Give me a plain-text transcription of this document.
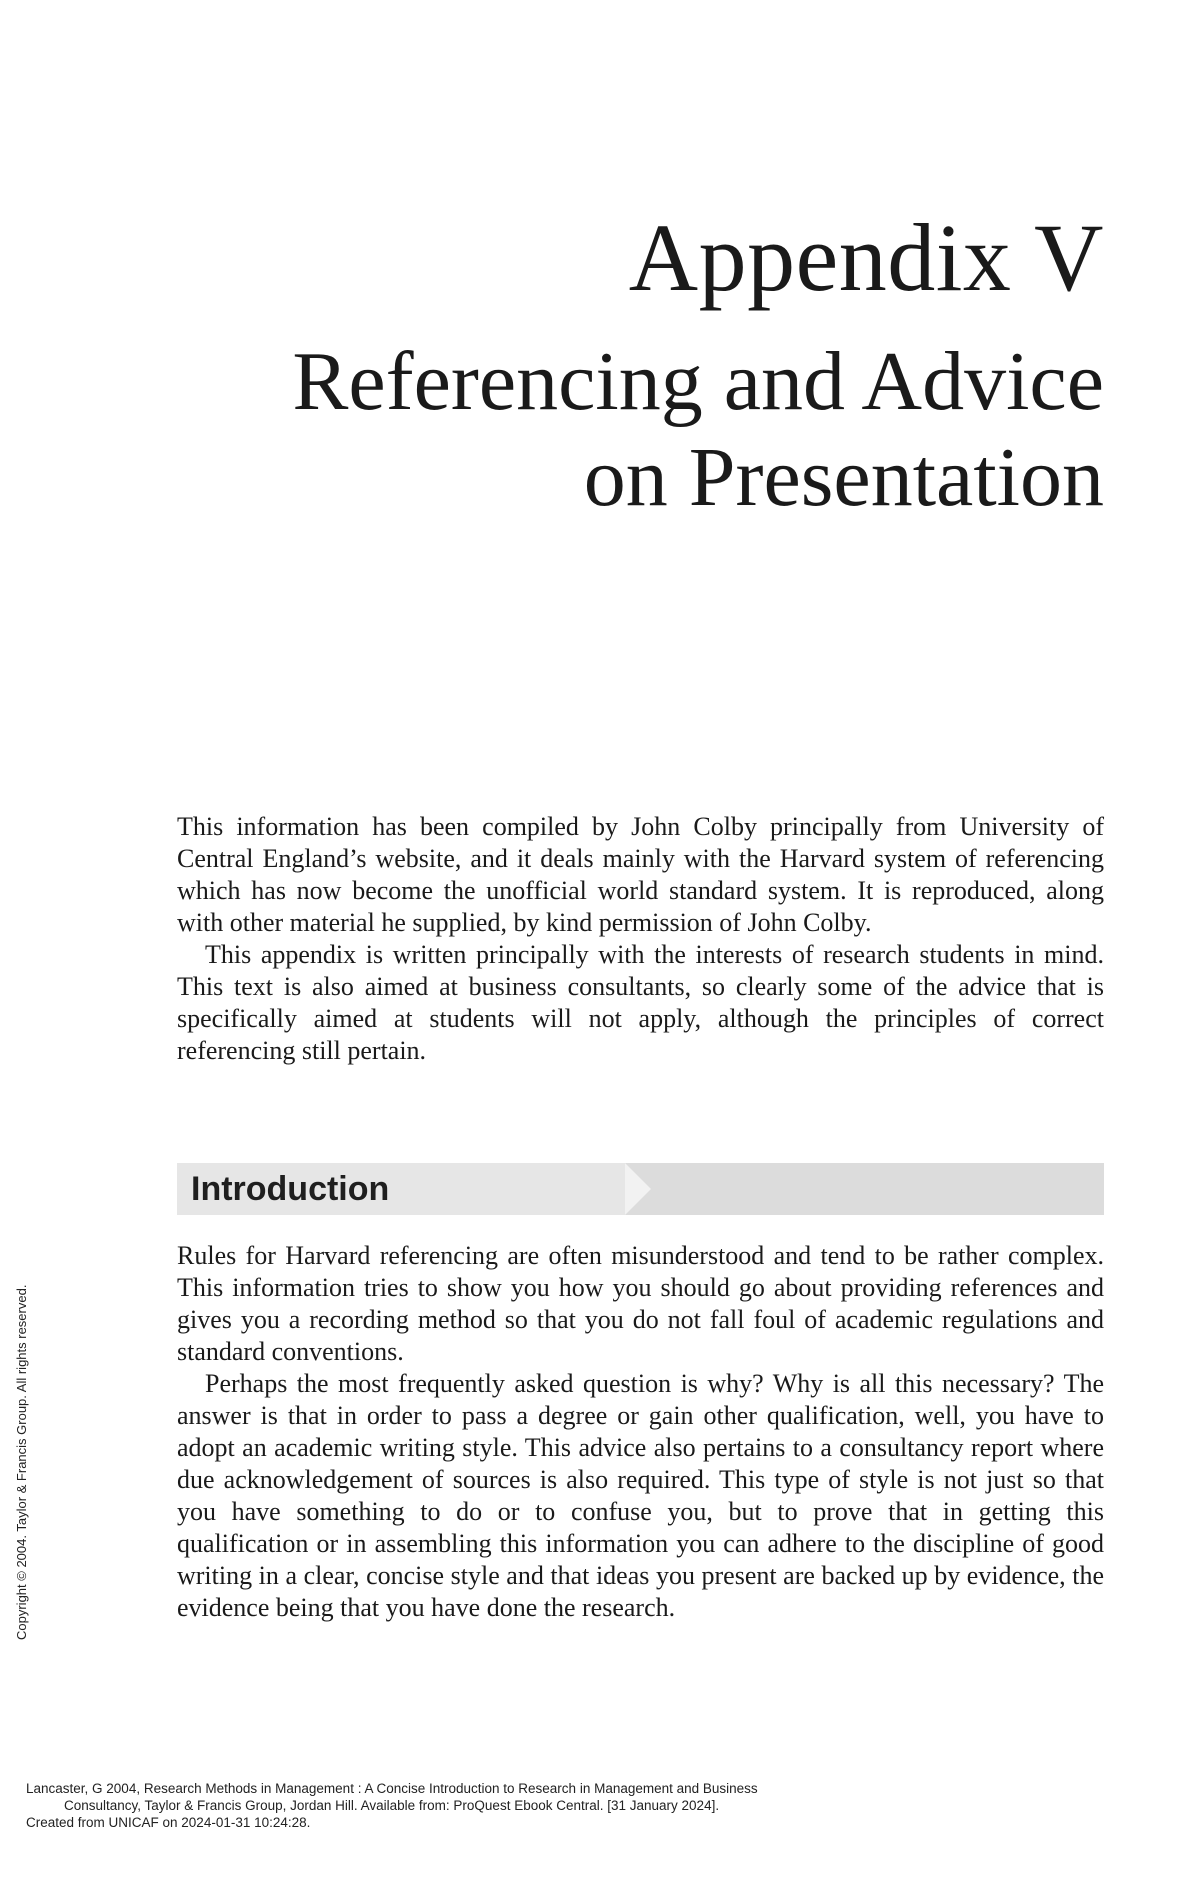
Appendix V
Referencing and Advice
on Presentation

This information has been compiled by John Colby principally from University of Central England’s website, and it deals mainly with the Harvard system of referencing which has now become the unofficial world standard system. It is reproduced, along with other material he supplied, by kind permission of John Colby.

This appendix is written principally with the interests of research students in mind. This text is also aimed at business consultants, so clearly some of the advice that is specifically aimed at students will not apply, although the principles of correct referencing still pertain.

Introduction

Rules for Harvard referencing are often misunderstood and tend to be rather complex. This information tries to show you how you should go about providing references and gives you a recording method so that you do not fall foul of academic regulations and standard conventions.

Perhaps the most frequently asked question is why? Why is all this necessary? The answer is that in order to pass a degree or gain other qualification, well, you have to adopt an academic writing style. This advice also pertains to a consultancy report where due acknowledgement of sources is also required. This type of style is not just so that you have something to do or to confuse you, but to prove that in getting this qualification or in assembling this information you can adhere to the discipline of good writing in a clear, concise style and that ideas you present are backed up by evidence, the evidence being that you have done the research.

Copyright © 2004. Taylor & Francis Group. All rights reserved.
Lancaster, G 2004, Research Methods in Management : A Concise Introduction to Research in Management and Business
Consultancy, Taylor & Francis Group, Jordan Hill. Available from: ProQuest Ebook Central. [31 January 2024].
Created from UNICAF on 2024-01-31 10:24:28.
